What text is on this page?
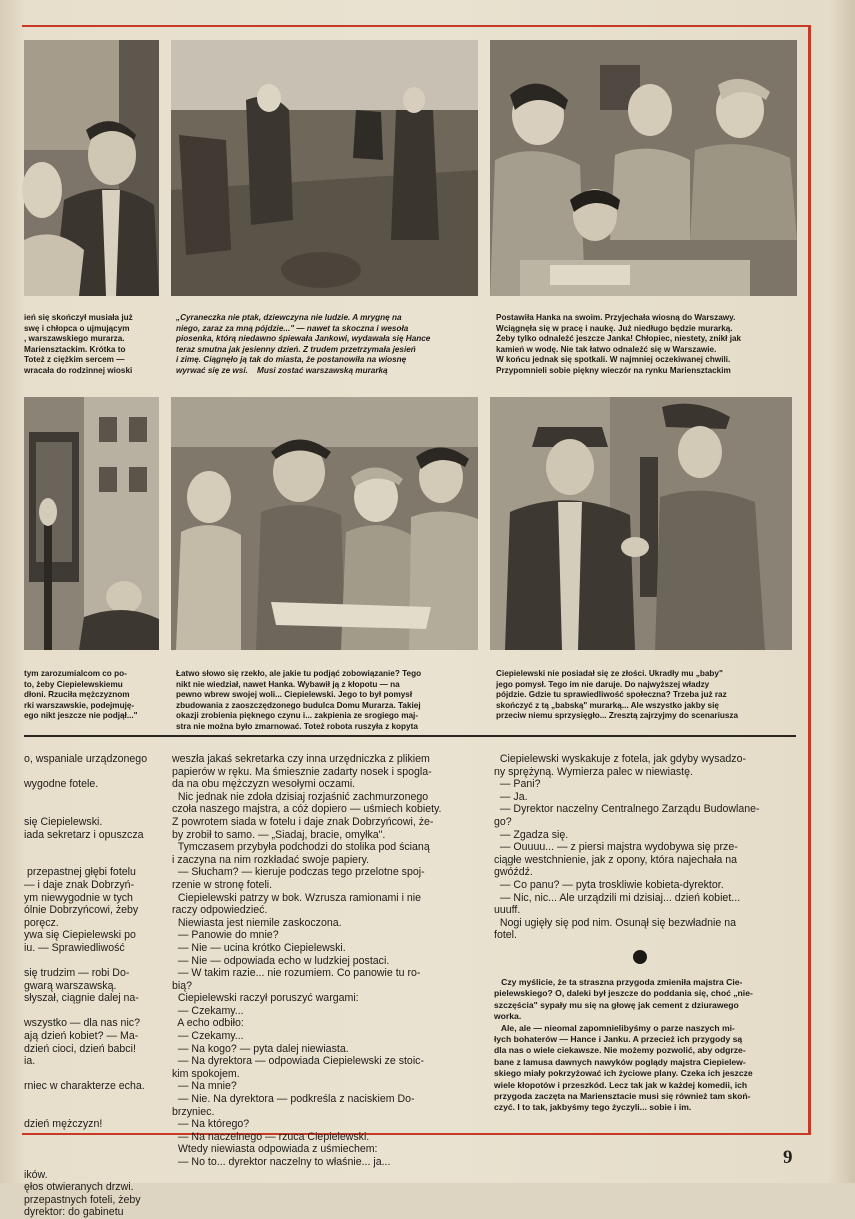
ień się skończył musiała już
swę i chłopca o ujmującym
, warszawskiego murarza.
Mariensztackim. Krótka to
Toteż z ciężkim sercem —
wracała do rodzinnej wioski
„Cyraneczka nie ptak, dziewczyna nie ludzie. A mrygnę na
niego, zaraz za mną pójdzie..." — nawet ta skoczna i wesoła
piosenka, którą niedawno śpiewała Jankowi, wydawała się Hance
teraz smutna jak jesienny dzień. Z trudem przetrzymała jesień
i zimę. Ciągnęło ją tak do miasta, że postanowiła na wiosnę
wyrwać się ze wsi.    Musi zostać warszawską murarką
Postawiła Hanka na swoim. Przyjechała wiosną do Warszawy.
Wciągnęła się w pracę i naukę. Już niedługo będzie murarką.
Żeby tylko odnaleźć jeszcze Janka! Chłopiec, niestety, znikł jak
kamień w wodę. Nie tak łatwo odnaleźć się w Warszawie.
W końcu jednak się spotkali. W najmniej oczekiwanej chwili.
Przypomnieli sobie piękny wieczór na rynku Mariensztackim
tym zarozumialcom co po-
to, żeby Ciepielewskiemu
dłoni. Rzuciła mężczyznom
rki warszawskie, podejmuję-
ego nikt jeszcze nie podjął..."
Łatwo słowo się rzekło, ale jakie tu podjąć zobowiązanie? Tego
nikt nie wiedział, nawet Hanka. Wybawił ją z kłopotu — na
pewno wbrew swojej woli... Ciepielewski. Jego to był pomysł
zbudowania z zaoszczędzonego budulca Domu Murarza. Takiej
okazji zrobienia pięknego czynu i... zakpienia ze srogiego maj-
stra nie można było zmarnować. Toteż robota ruszyła z kopyta
Ciepielewski nie posiadał się ze złości. Ukradły mu „baby"
jego pomysł. Tego im nie daruje. Do najwyższej władzy
pójdzie. Gdzie tu sprawiedliwość społeczna? Trzeba już raz
skończyć z tą „babską" murarką... Ale wszystko jakby się
przeciw niemu sprzysięgło... Zresztą zajrzyjmy do scenariusza
o, wspaniale urządzonego

wygodne fotele.

się Ciepielewski.
iada sekretarz i opuszcza

przepastnej głębi fotelu
— i daje znak Dobrzyń-
ym niewygodnie w tych
ólnie Dobrzyńcowi, żeby
poręcz.
ywa się Ciepielewski po
iu. — Sprawiedliwość

się trudzim — robi Do-
gwarą warszawską.
słyszał, ciągnie dalej na-

wszystko — dla nas nic?
ają dzień kobiet? — Ma-
dzień cioci, dzień babci!
ia.

rniec w charakterze echa.

dzień mężczyzn!

ików.
ęłos otwieranych drzwi.
przepastnych foteli, żeby
dyrektor: do gabinetu
weszła jakaś sekretarka czy inna urzędniczka z plikiem
papierów w ręku. Ma śmiesznie zadarty nosek i spogla-
da na obu mężczyzn wesołymi oczami.
Nic jednak nie zdoła dzisiaj rozjaśnić zachmurzonego
czoła naszego majstra, a cóż dopiero — uśmiech kobiety.
Z powrotem siada w fotelu i daje znak Dobrzyńcowi, że-
by zrobił to samo. — „Siadaj, bracie, omyłka".
Tymczasem przybyła podchodzi do stolika pod ścianą
i zaczyna na nim rozkładać swoje papiery.
— Słucham? — kieruje podczas tego przelotne spoj-
rzenie w stronę foteli.
Ciepielewski patrzy w bok. Wzrusza ramionami i nie
raczy odpowiedzieć.
Niewiasta jest niemile zaskoczona.
— Panowie do mnie?
— Nie — ucina krótko Ciepielewski.
— Nie — odpowiada echo w ludzkiej postaci.
— W takim razie... nie rozumiem. Co panowie tu ro-
bią?
Ciepielewski raczył poruszyć wargami:
— Czekamy...
A echo odbiło:
— Czekamy...
— Na kogo? — pyta dalej niewiasta.
— Na dyrektora — odpowiada Ciepielewski ze stoic-
kim spokojem.
— Na mnie?
— Nie. Na dyrektora — podkreśla z naciskiem Do-
brzyniec.
— Na którego?
— Na naczelnego — rzuca Ciepielewski.
Wtedy niewiasta odpowiada z uśmiechem:
— No to... dyrektor naczelny to właśnie... ja...
Ciepielewski wyskakuje z fotela, jak gdyby wysadzo-
ny sprężyną. Wymierza palec w niewiastę.
— Pani?
— Ja.
— Dyrektor naczelny Centralnego Zarządu Budowlane-
go?
— Zgadza się.
— Ouuuu... — z piersi majstra wydobywa się prze-
ciągłe westchnienie, jak z opony, która najechała na
gwóźdź.
— Co panu? — pyta troskliwie kobieta-dyrektor.
— Nic, nic... Ale urządzili mi dzisiaj... dzień kobiet...
uuuff.
Nogi ugięły się pod nim. Osunął się bezwładnie na
fotel.
Czy myślicie, że ta straszna przygoda zmieniła majstra Cie-
pielewskiego? O, daleki był jeszcze do poddania się, choć „nie-
szczęścia" sypały mu się na głowę jak cement z dziurawego
worka.
Ale, ale — nieomal zapomnielibyśmy o parze naszych mi-
łych bohaterów — Hance i Janku. A przecież ich przygody są
dla nas o wiele ciekawsze. Nie możemy pozwolić, aby odgrze-
bane z lamusa dawnych nawyków poglądy majstra Ciepielew-
skiego miały pokrzyżować ich życiowe plany. Czeka ich jeszcze
wiele kłopotów i przeszkód. Lecz tak jak w każdej komedii, ich
przygoda zaczęta na Mariensztacie musi się również tam skoń-
czyć. I to tak, jakbyśmy tego życzyli... sobie i im.
9
